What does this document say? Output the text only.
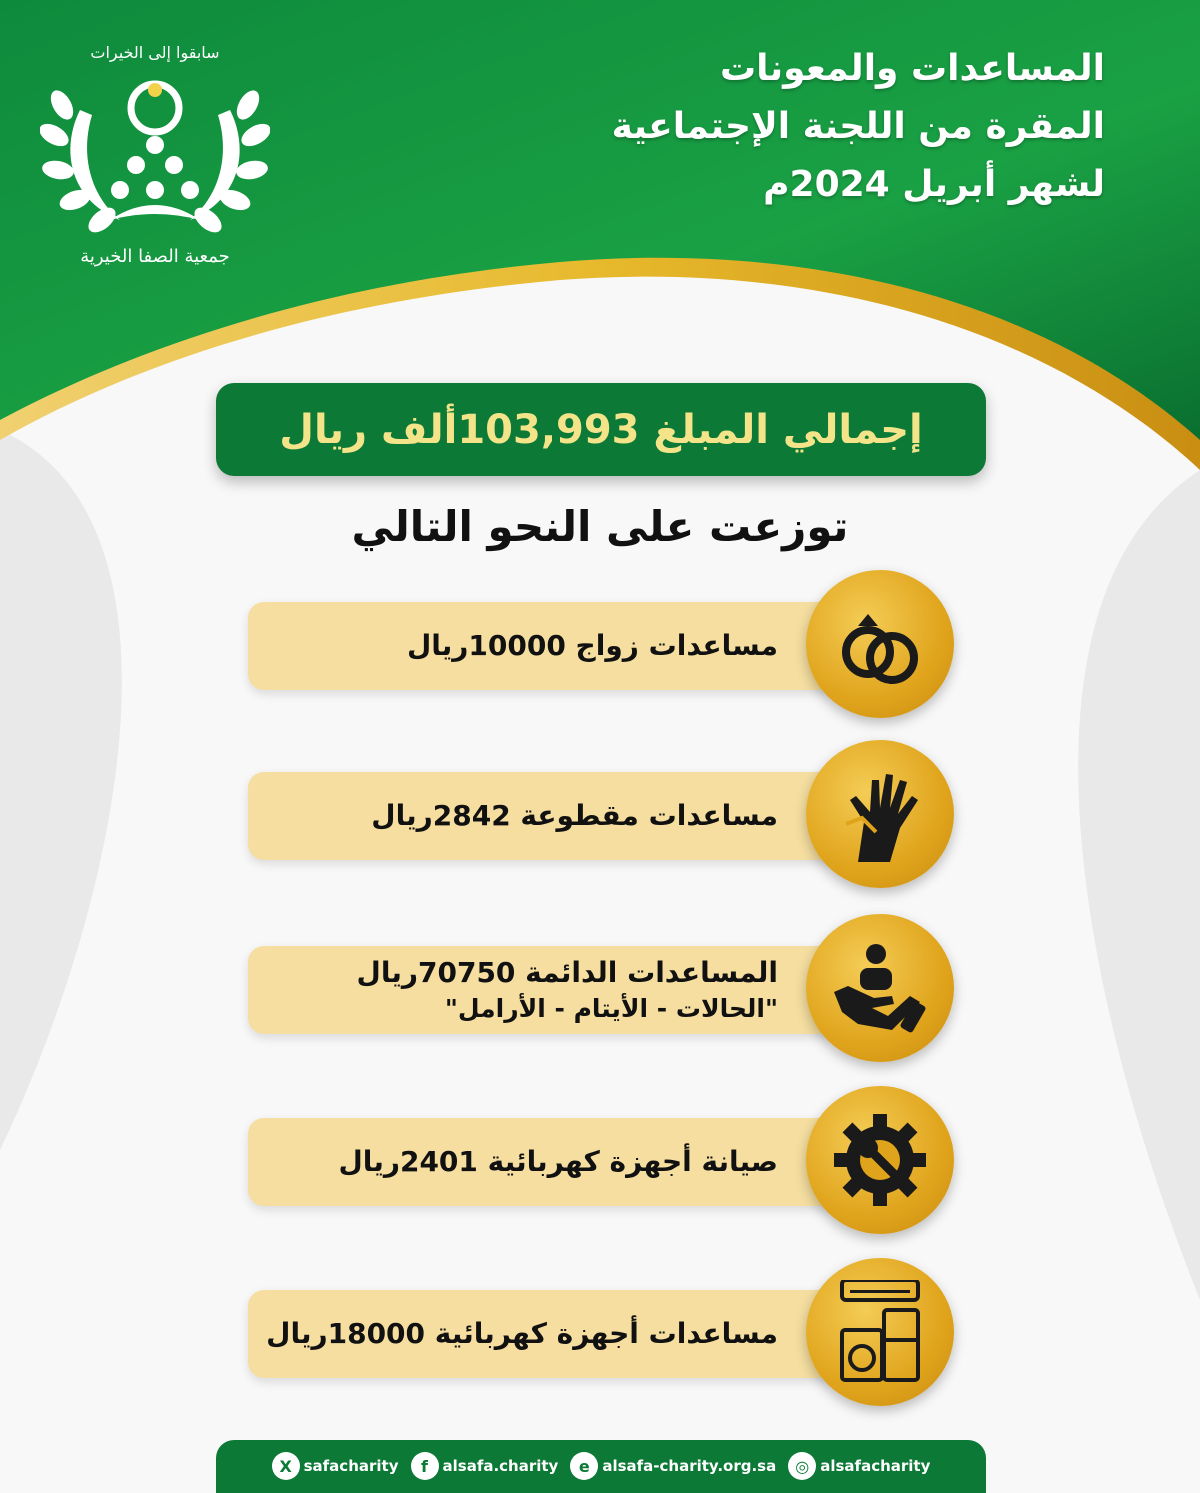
سابقوا إلى الخيرات
جمعية الصفا الخيرية
المساعدات والمعونات
المقرة من اللجنة الإجتماعية
لشهر أبريل 2024م
إجمالي المبلغ 103,993ألف ريال
توزعت على النحو التالي
مساعدات زواج 10000ريال
مساعدات مقطوعة 2842ريال
المساعدات الدائمة 70750ريال
"الحالات - الأيتام - الأرامل"
صيانة أجهزة كهربائية 2401ريال
مساعدات أجهزة كهربائية 18000ريال
X safacharity	f alsafa.charity	e alsafa-charity.org.sa	◎ alsafacharity
